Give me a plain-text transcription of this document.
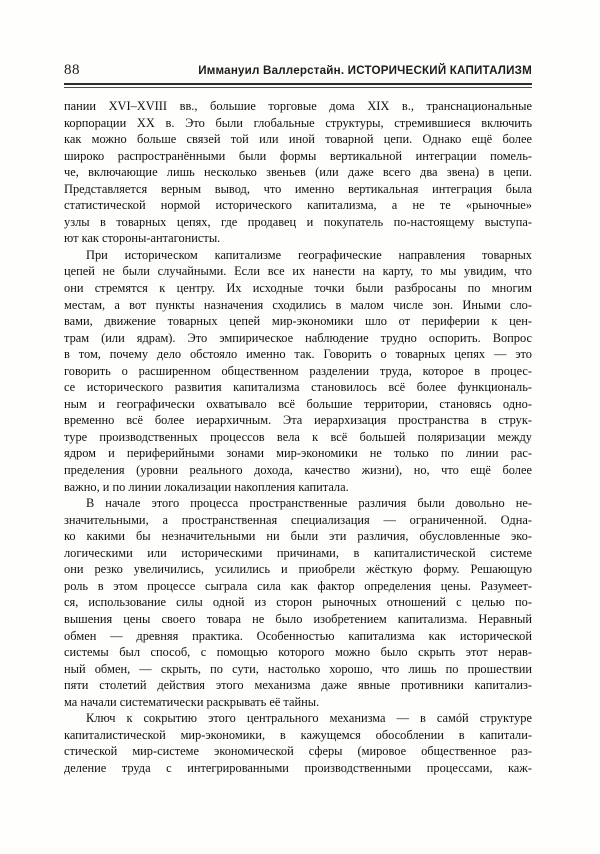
88	Иммануил Валлерстайн. ИСТОРИЧЕСКИЙ КАПИТАЛИЗМ
пании XVI–XVIII вв., большие торговые дома XIX в., транснациональные
корпорации XX в. Это были глобальные структуры, стремившиеся включить
как можно больше связей той или иной товарной цепи. Однако ещё более
широко распространёнными были формы вертикальной интеграции помель-
че, включающие лишь несколько звеньев (или даже всего два звена) в цепи.
Представляется верным вывод, что именно вертикальная интеграция была
статистической нормой исторического капитализма, а не те «рыночные»
узлы в товарных цепях, где продавец и покупатель по-настоящему выступа-
ют как стороны-антагонисты.
При историческом капитализме географические направления товарных
цепей не были случайными. Если все их нанести на карту, то мы увидим, что
они стремятся к центру. Их исходные точки были разбросаны по многим
местам, а вот пункты назначения сходились в малом числе зон. Иными сло-
вами, движение товарных цепей мир-экономики шло от периферии к цен-
трам (или ядрам). Это эмпирическое наблюдение трудно оспорить. Вопрос
в том, почему дело обстояло именно так. Говорить о товарных цепях — это
говорить о расширенном общественном разделении труда, которое в процес-
се исторического развития капитализма становилось всё более функциональ-
ным и географически охватывало всё большие территории, становясь одно-
временно всё более иерархичным. Эта иерархизация пространства в струк-
туре производственных процессов вела к всё большей поляризации между
ядром и периферийными зонами мир-экономики не только по линии рас-
пределения (уровни реального дохода, качество жизни), но, что ещё более
важно, и по линии локализации накопления капитала.
В начале этого процесса пространственные различия были довольно не-
значительными, а пространственная специализация — ограниченной. Одна-
ко какими бы незначительными ни были эти различия, обусловленные эко-
логическими или историческими причинами, в капиталистической системе
они резко увеличились, усилились и приобрели жёсткую форму. Решающую
роль в этом процессе сыграла сила как фактор определения цены. Разумеет-
ся, использование силы одной из сторон рыночных отношений с целью по-
вышения цены своего товара не было изобретением капитализма. Неравный
обмен — древняя практика. Особенностью капитализма как исторической
системы был способ, с помощью которого можно было скрыть этот нерав-
ный обмен, — скрыть, по сути, настолько хорошо, что лишь по прошествии
пяти столетий действия этого механизма даже явные противники капитализ-
ма начали систематически раскрывать её тайны.
Ключ к сокрытию этого центрального механизма — в самóй структуре
капиталистической мир-экономики, в кажущемся обособлении в капитали-
стической мир-системе экономической сферы (мировое общественное раз-
деление труда с интегрированными производственными процессами, каж-
